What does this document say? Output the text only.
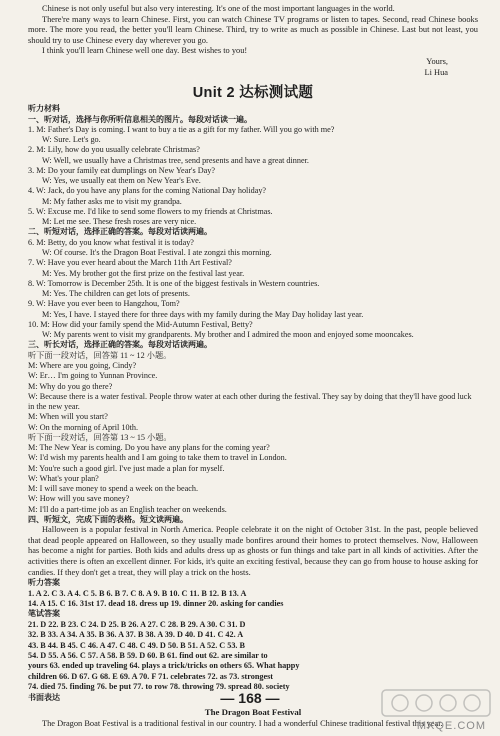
Chinese is not only useful but also very interesting. It's one of the most important languages in the world.

There're many ways to learn Chinese. First, you can watch Chinese TV programs or listen to tapes. Second, read Chinese books more. The more you read, the better you'll learn Chinese. Third, try to write as much as possible in Chinese. Last but not least, you should try to use Chinese every day wherever you go.

I think you'll learn Chinese well one day. Best wishes to you!

Yours,

Li Hua

Unit 2 达标测试题

听力材料

一、听对话，选择与你所听信息相关的图片。每段对话读一遍。

1. M: Father's Day is coming. I want to buy a tie as a gift for my father. Will you go with me?

W: Sure. Let's go.

2. M: Lily, how do you usually celebrate Christmas?

W: Well, we usually have a Christmas tree, send presents and have a great dinner.

3. M: Do your family eat dumplings on New Year's Day?

W: Yes, we usually eat them on New Year's Eve.

4. W: Jack, do you have any plans for the coming National Day holiday?

M: My father asks me to visit my grandpa.

5. W: Excuse me. I'd like to send some flowers to my friends at Christmas.

M: Let me see. These fresh roses are very nice.

二、听短对话，选择正确的答案。每段对话读两遍。

6. M: Betty, do you know what festival it is today?

W: Of course. It's the Dragon Boat Festival. I ate zongzi this morning.

7. W: Have you ever heard about the March 11th Art Festival?

M: Yes. My brother got the first prize on the festival last year.

8. W: Tomorrow is December 25th. It is one of the biggest festivals in Western countries.

M: Yes. The children can get lots of presents.

9. W: Have you ever been to Hangzhou, Tom?

M: Yes, I have. I stayed there for three days with my family during the May Day holiday last year.

10. M: How did your family spend the Mid-Autumn Festival, Betty?

W: My parents went to visit my grandparents. My brother and I admired the moon and enjoyed some mooncakes.

三、听长对话，选择正确的答案。每段对话读两遍。

听下面一段对话，回答第 11 ~ 12 小题。

M: Where are you going, Cindy?

W: Er… I'm going to Yunnan Province.

M: Why do you go there?

W: Because there is a water festival. People throw water at each other during the festival. They say by doing that they'll have good luck in the new year.

M: When will you start?

W: On the morning of April 10th.

听下面一段对话，回答第 13 ~ 15 小题。

M: The New Year is coming. Do you have any plans for the coming year?

W: I'd wish my parents health and I am going to take them to travel in London.

M: You're such a good girl. I've just made a plan for myself.

W: What's your plan?

M: I will save money to spend a week on the beach.

W: How will you save money?

M: I'll do a part-time job as an English teacher on weekends.

四、听短文，完成下面的表格。短文读两遍。

Halloween is a popular festival in North America. People celebrate it on the night of October 31st. In the past, people believed that dead people appeared on Halloween, so they usually made bonfires around their homes to protect themselves. Now, Halloween has become a night for parties. Both kids and adults dress up as ghosts or fun things and take part in all kinds of activities. After the activities there is often an excellent dinner. For kids, it's quite an exciting festival, because they can go from house to house asking for candies. If they don't get a treat, they will play a trick on the hosts.

听力答案

1. A 2. C 3. A 4. C 5. B 6. B 7. C 8. A 9. B 10. C 11. B 12. B 13. A

14. A 15. C 16. 31st 17. dead 18. dress up 19. dinner 20. asking for candies

笔试答案

21. D 22. B 23. C 24. D 25. B 26. A 27. C 28. B 29. A 30. C 31. D

32. B 33. A 34. A 35. B 36. A 37. B 38. A 39. D 40. D 41. C 42. A

43. B 44. B 45. C 46. A 47. C 48. C 49. D 50. B 51. A 52. C 53. B

54. D 55. A 56. C 57. A 58. B 59. D 60. B 61. find out 62. are similar to

yours 63. ended up traveling 64. plays a trick/tricks on others 65. What happy

children 66. D 67. G 68. E 69. A 70. F 71. celebrates 72. as 73. strongest

74. died 75. finding 76. be put 77. to row 78. throwing 79. spread 80. society

书面表达

The Dragon Boat Festival

The Dragon Boat Festival is a traditional festival in our country. I had a wonderful Chinese traditional festival this year.

— 168 —
MXQE.COM
